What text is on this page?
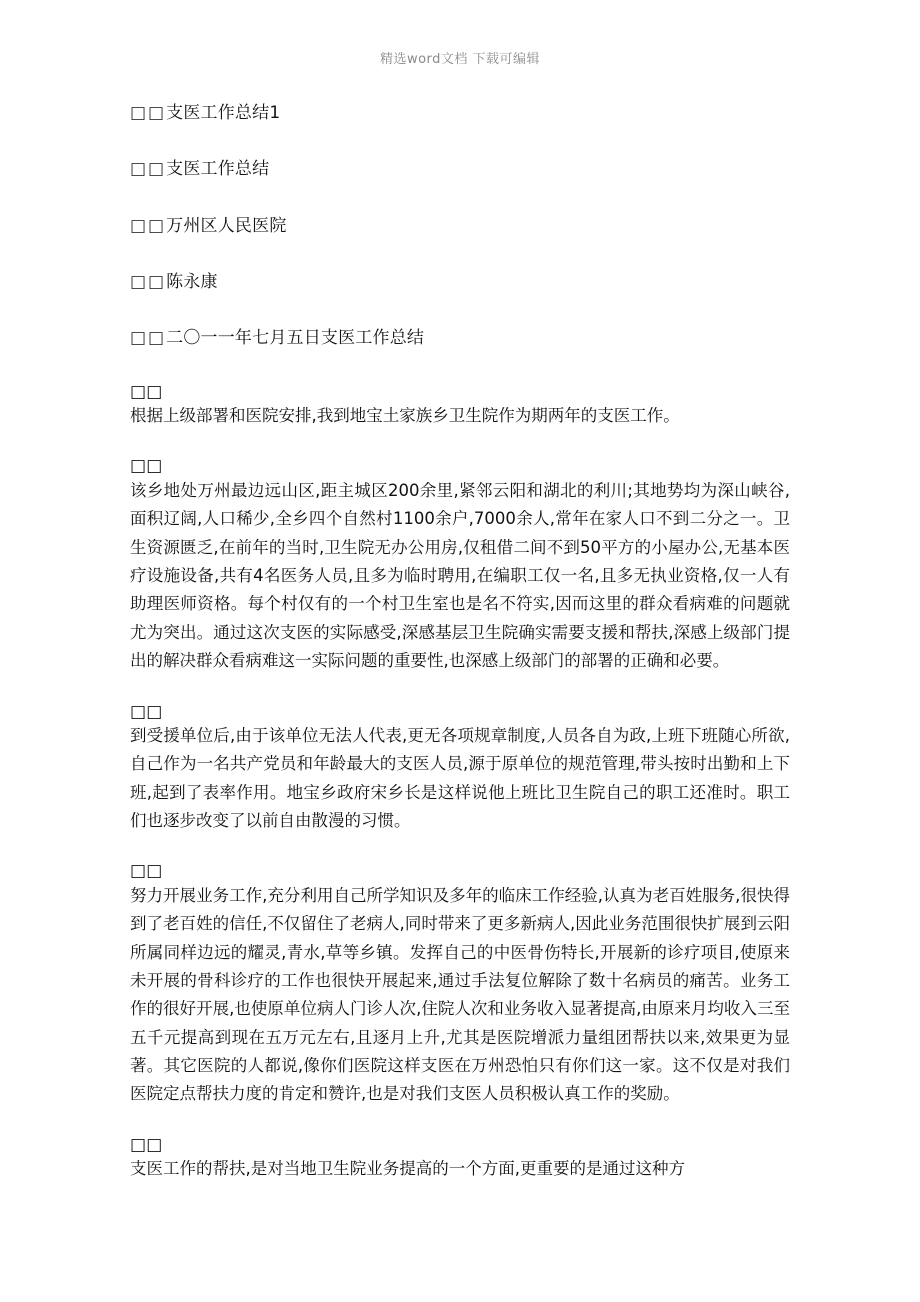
精选word文档 下载可编辑

□□支医工作总结1

□□支医工作总结

□□万州区人民医院

□□陈永康

□□二〇一一年七月五日支医工作总结

□□

根据上级部署和医院安排,我到地宝土家族乡卫生院作为期两年的支医工作。

□□

该乡地处万州最边远山区,距主城区200余里,紧邻云阳和湖北的利川;其地势均为深山峡谷,面积辽阔,人口稀少,全乡四个自然村1100余户,7000余人,常年在家人口不到二分之一。卫生资源匮乏,在前年的当时,卫生院无办公用房,仅租借二间不到50平方的小屋办公,无基本医疗设施设备,共有4名医务人员,且多为临时聘用,在编职工仅一名,且多无执业资格,仅一人有助理医师资格。每个村仅有的一个村卫生室也是名不符实,因而这里的群众看病难的问题就尤为突出。通过这次支医的实际感受,深感基层卫生院确实需要支援和帮扶,深感上级部门提出的解决群众看病难这一实际问题的重要性,也深感上级部门的部署的正确和必要。

□□

到受援单位后,由于该单位无法人代表,更无各项规章制度,人员各自为政,上班下班随心所欲,自己作为一名共产党员和年龄最大的支医人员,源于原单位的规范管理,带头按时出勤和上下班,起到了表率作用。地宝乡政府宋乡长是这样说他上班比卫生院自己的职工还准时。职工们也逐步改变了以前自由散漫的习惯。

□□

努力开展业务工作,充分利用自己所学知识及多年的临床工作经验,认真为老百姓服务,很快得到了老百姓的信任,不仅留住了老病人,同时带来了更多新病人,因此业务范围很快扩展到云阳所属同样边远的耀灵,青水,草等乡镇。发挥自己的中医骨伤特长,开展新的诊疗项目,使原来未开展的骨科诊疗的工作也很快开展起来,通过手法复位解除了数十名病员的痛苦。业务工作的很好开展,也使原单位病人门诊人次,住院人次和业务收入显著提高,由原来月均收入三至五千元提高到现在五万元左右,且逐月上升,尤其是医院增派力量组团帮扶以来,效果更为显著。其它医院的人都说,像你们医院这样支医在万州恐怕只有你们这一家。这不仅是对我们医院定点帮扶力度的肯定和赞许,也是对我们支医人员积极认真工作的奖励。

□□

支医工作的帮扶,是对当地卫生院业务提高的一个方面,更重要的是通过这种方
